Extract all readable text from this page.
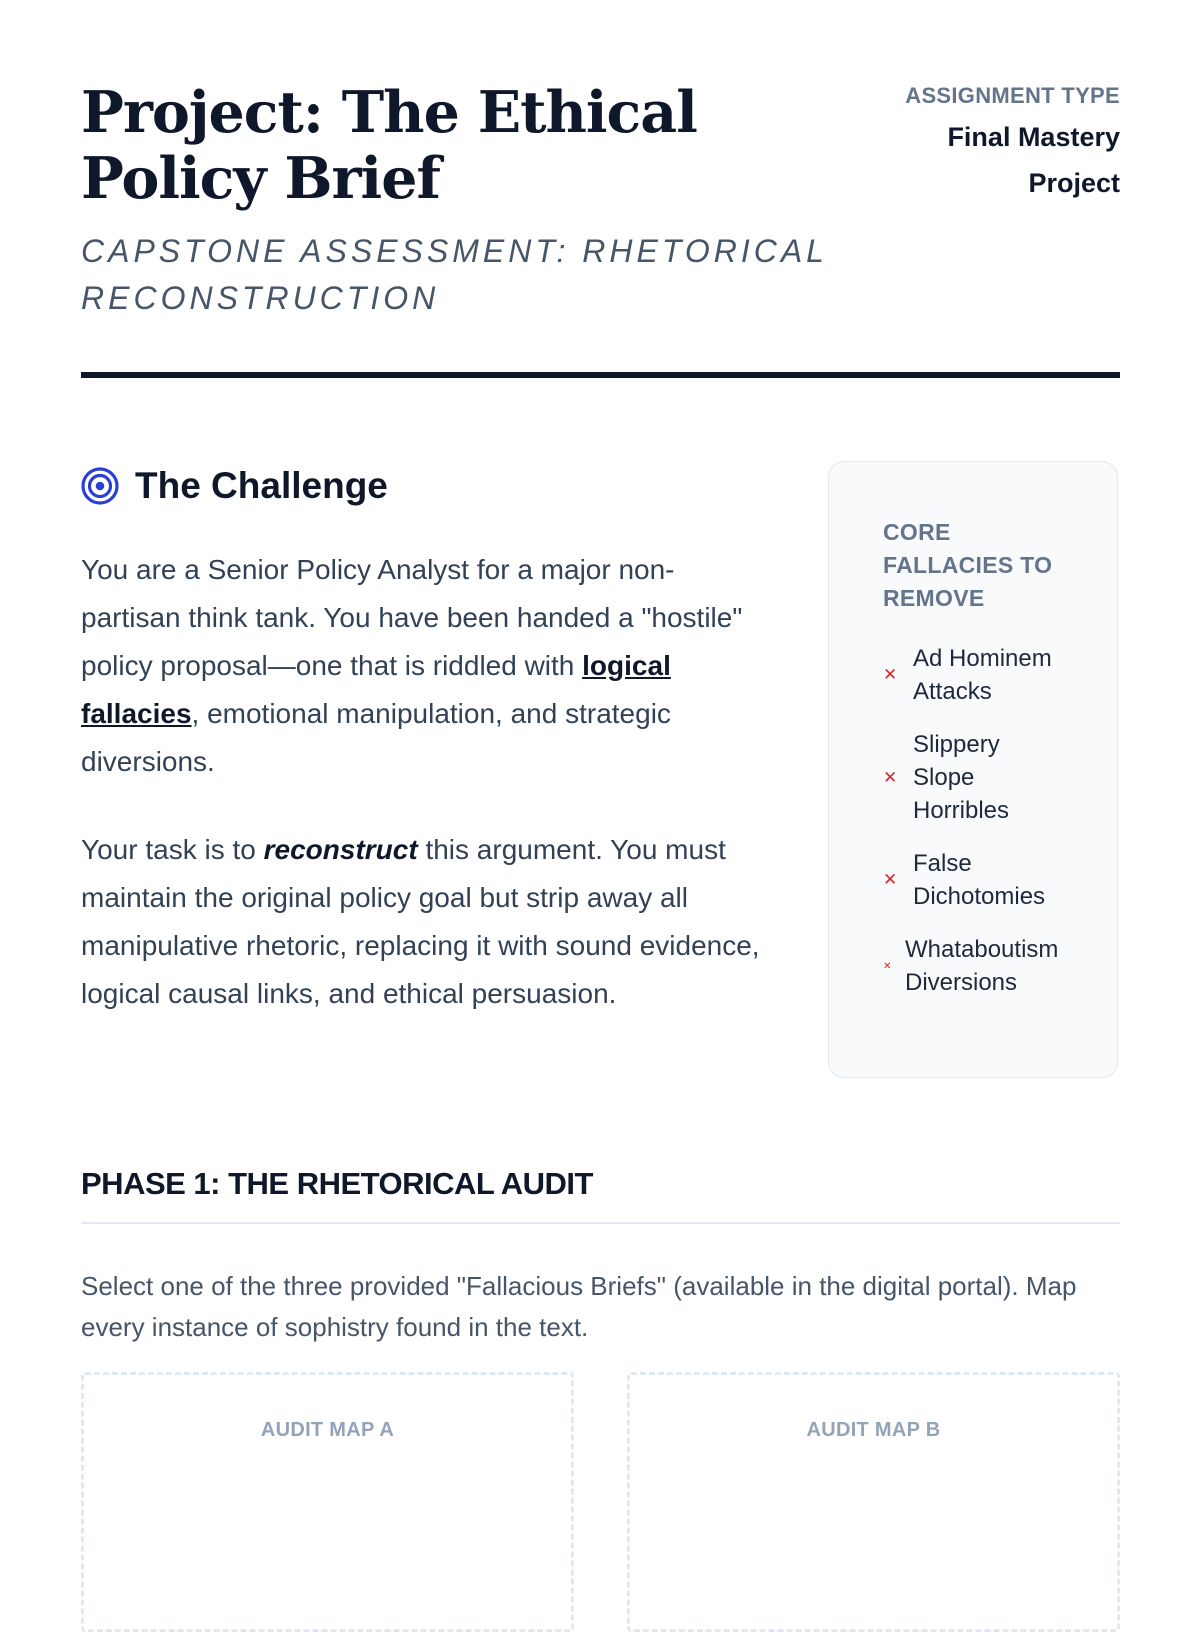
Project: The Ethical Policy Brief

CAPSTONE ASSESSMENT: RHETORICAL RECONSTRUCTION

ASSIGNMENT TYPE
Final Mastery Project
The Challenge

You are a Senior Policy Analyst for a major non-partisan think tank. You have been handed a "hostile" policy proposal—one that is riddled with logical fallacies, emotional manipulation, and strategic diversions.

Your task is to reconstruct this argument. You must maintain the original policy goal but strip away all manipulative rhetoric, replacing it with sound evidence, logical causal links, and ethical persuasion.

CORE FALLACIES TO REMOVE
✕
Ad Hominem Attacks
✕
Slippery Slope Horribles
✕
False Dichotomies
✕
Whataboutism Diversions
PHASE 1: THE RHETORICAL AUDIT

Select one of the three provided "Fallacious Briefs" (available in the digital portal). Map every instance of sophistry found in the text.

AUDIT MAP A	AUDIT MAP B
